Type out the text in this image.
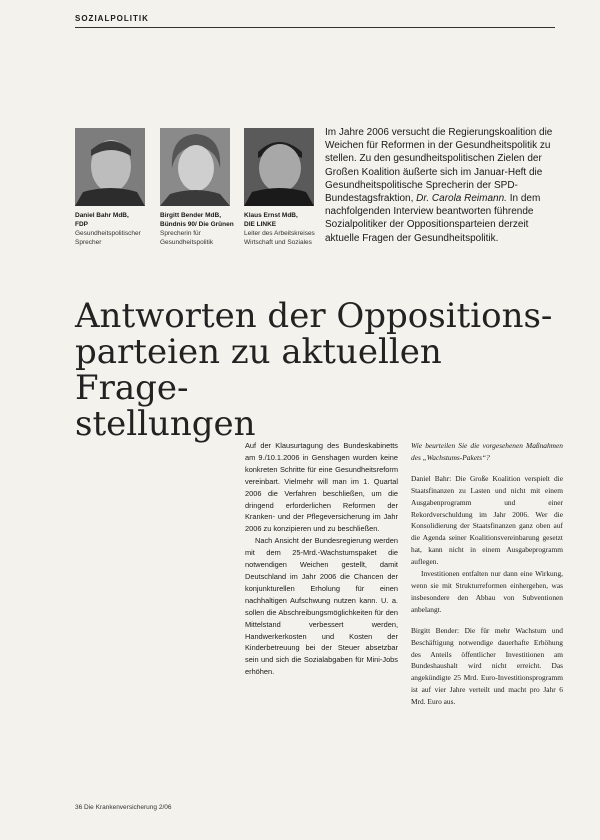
SOZIALPOLITIK
Daniel Bahr MdB,
FDP
Gesundheitspolitischer Sprecher
Birgitt Bender MdB,
Bündnis 90/ Die Grünen
Sprecherin für Gesundheitspolitik
Klaus Ernst MdB,
DIE LINKE
Leiter des Arbeitskreises Wirtschaft und Soziales
Im Jahre 2006 versucht die Regierungskoalition die Weichen für Reformen in der Gesundheitspolitik zu stellen. Zu den gesundheitspolitischen Zielen der Großen Koalition äußerte sich im Januar-Heft die Gesundheitspolitische Sprecherin der SPD-Bundestagsfraktion, Dr. Carola Reimann. In dem nachfolgenden Interview beantworten führende Sozialpolitiker der Oppositionsparteien derzeit aktuelle Fragen der Gesundheitspolitik.
Antworten der Oppositions-
parteien zu aktuellen Frage-
stellungen

Auf der Klausurtagung des Bundeskabinetts am 9./10.1.2006 in Genshagen wurden keine konkreten Schritte für eine Gesundheitsreform vereinbart. Vielmehr will man im 1. Quartal 2006 die Verfahren beschließen, um die dringend erforderlichen Reformen der Kranken- und der Pflegeversicherung im Jahr 2006 zu konzipieren und zu beschließen.

Nach Ansicht der Bundesregierung werden mit dem 25-Mrd.-Wachstumspaket die notwendigen Weichen gestellt, damit Deutschland im Jahr 2006 die Chancen der konjunkturellen Erholung für einen nachhaltigen Aufschwung nutzen kann. U. a. sollen die Abschreibungsmöglichkeiten für den Mittelstand verbessert werden, Handwerkerkosten und Kosten der Kinderbetreuung bei der Steuer absetzbar sein und sich die Sozialabgaben für Mini-Jobs erhöhen.

Wie beurteilen Sie die vorgesehenen Maßnahmen des „Wachstums-Pakets“?

Daniel Bahr: Die Große Koalition verspielt die Staatsfinanzen zu Lasten und nicht mit einem Ausgabenprogramm und einer Rekordverschuldung im Jahr 2006. Wer die Konsolidierung der Staatsfinanzen ganz oben auf die Agenda seiner Koalitionsvereinbarung gesetzt hat, kann nicht in einem Ausgabeprogramm auflegen.

Investitionen entfalten nur dann eine Wirkung, wenn sie mit Strukturreformen einhergehen, was insbesondere den Abbau von Subventionen anbelangt.

Birgitt Bender: Die für mehr Wachstum und Beschäftigung notwendige dauerhafte Erhöhung des Anteils öffentlicher Investitionen am Bundeshaushalt wird nicht erreicht. Das angekündigte 25 Mrd. Euro-Investitionsprogramm ist auf vier Jahre verteilt und macht pro Jahr 6 Mrd. Euro aus.

36 Die Krankenversicherung 2/06
